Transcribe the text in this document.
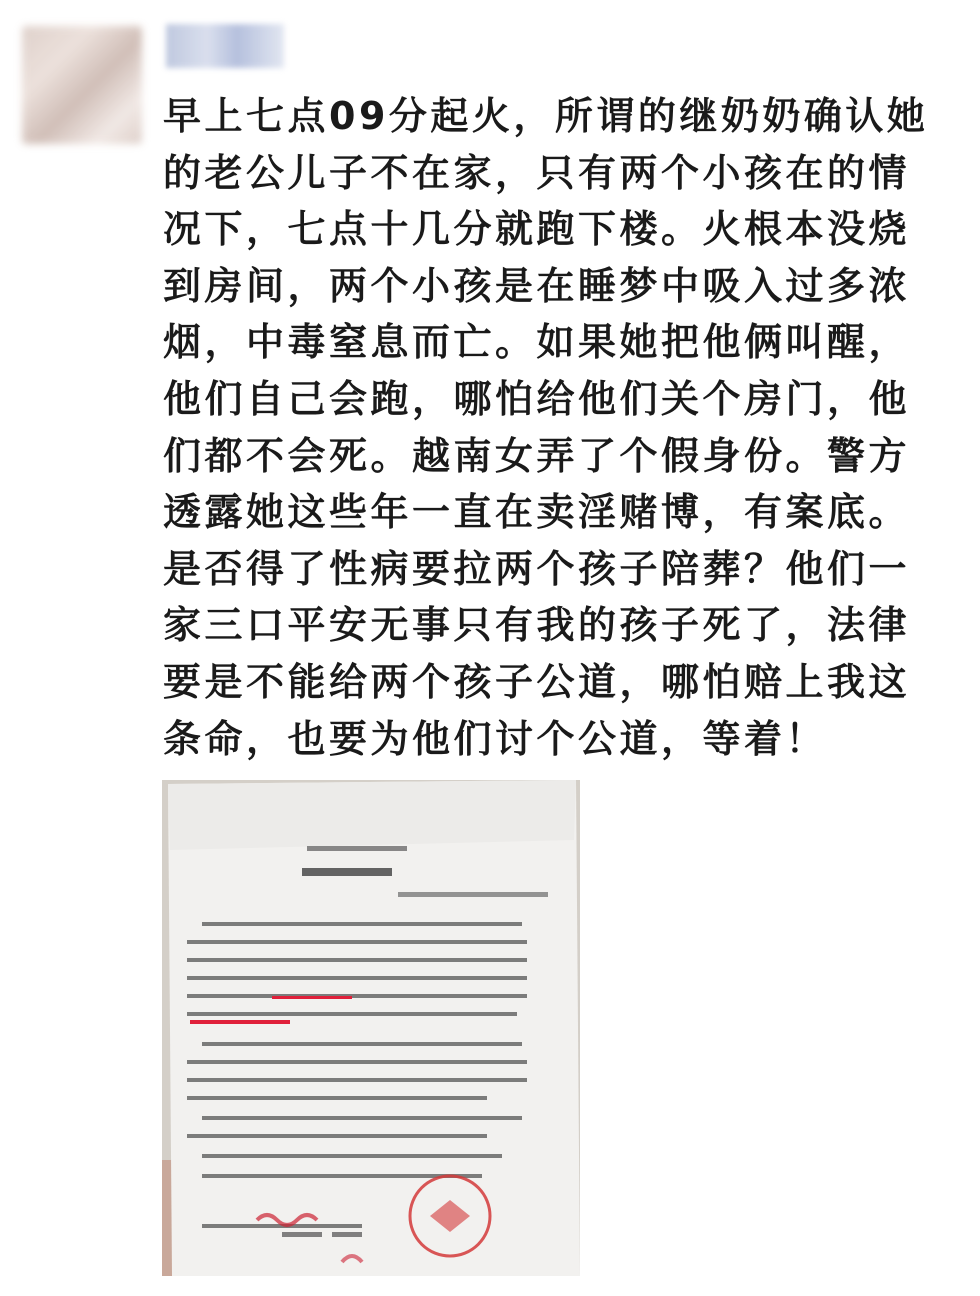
早上七点09分起火，所谓的继奶奶确认她的老公儿子不在家，只有两个小孩在的情况下，七点十几分就跑下楼。火根本没烧到房间，两个小孩是在睡梦中吸入过多浓烟，中毒窒息而亡。如果她把他俩叫醒，他们自己会跑，哪怕给他们关个房门，他们都不会死。越南女弄了个假身份。警方透露她这些年一直在卖淫赌博，有案底。是否得了性病要拉两个孩子陪葬？他们一家三口平安无事只有我的孩子死了，法律要是不能给两个孩子公道，哪怕赔上我这条命，也要为他们讨个公道，等着！
